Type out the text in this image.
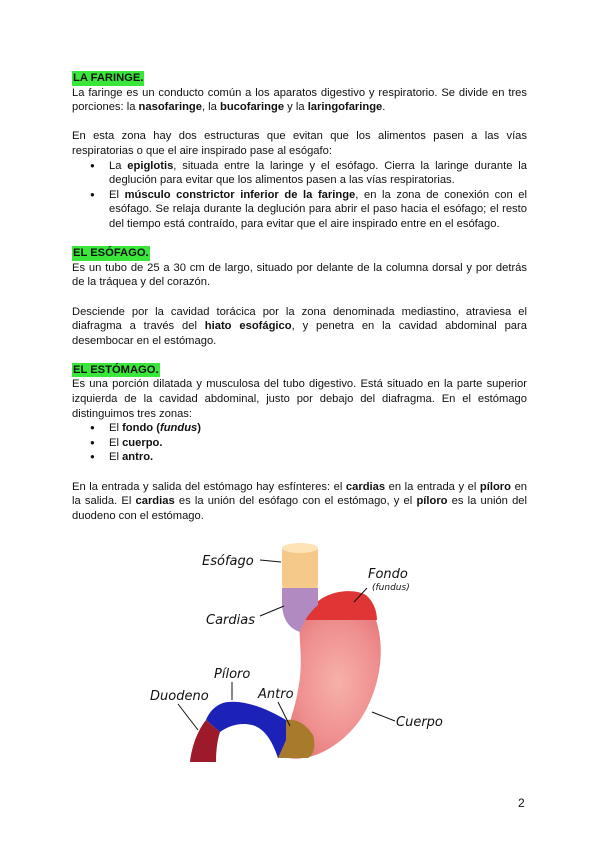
LA FARINGE.

La faringe es un conducto común a los aparatos digestivo y respiratorio. Se divide en tres porciones: la nasofaringe, la bucofaringe y la laringofaringe.

En esta zona hay dos estructuras que evitan que los alimentos pasen a las vías respiratorias o que el aire inspirado pase al esógafo:

● La epiglotis, situada entre la laringe y el esófago. Cierra la laringe durante la deglución para evitar que los alimentos pasen a las vías respiratorias.
● El músculo constrictor inferior de la faringe, en la zona de conexión con el esófago. Se relaja durante la deglución para abrir el paso hacia el esófago; el resto del tiempo está contraído, para evitar que el aire inspirado entre en el esófago.
EL ESÓFAGO.

Es un tubo de 25 a 30 cm de largo, situado por delante de la columna dorsal y por detrás de la tráquea y del corazón.

Desciende por la cavidad torácica por la zona denominada mediastino, atraviesa el diafragma a través del hiato esofágico, y penetra en la cavidad abdominal para desembocar en el estómago.

EL ESTÓMAGO.

Es una porción dilatada y musculosa del tubo digestivo. Está situado en la parte superior izquierda de la cavidad abdominal, justo por debajo del diafragma. En el estómago distinguimos tres zonas:

● El fondo (fundus)
● El cuerpo.
● El antro.

En la entrada y salida del estómago hay esfínteres: el cardias en la entrada y el píloro en la salida. El cardias es la unión del esófago con el estómago, y el píloro es la unión del duodeno con el estómago.

Esófago
Fondo
(fundus)
Cardias
Píloro
Duodeno	Antro
Cuerpo
2
